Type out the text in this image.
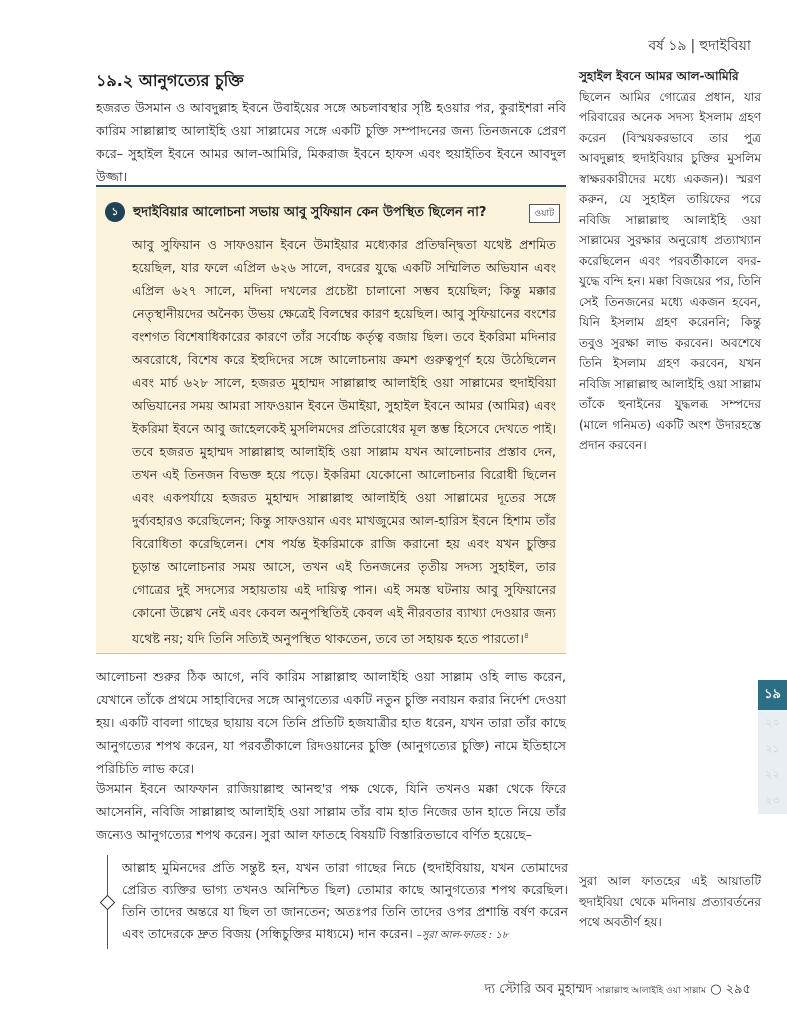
বর্ষ ১৯ | হুদাইবিয়া
১৯.২ আনুগত্যের চুক্তি
হজরত উসমান ও আবদুল্লাহ ইবনে উবাইয়ের সঙ্গে অচলাবস্থার সৃষ্টি হওয়ার পর, কুরাইশরা নবি কারিম সাল্লাল্লাহু আলাইহি ওয়া সাল্লামের সঙ্গে একটি চুক্তি সম্পাদনের জন্য তিনজনকে প্রেরণ করে– সুহাইল ইবনে আমর আল-আমিরি, মিকরাজ ইবনে হাফস এবং হুয়াইতিব ইবনে আবদুল উজ্জা।
১	হুদাইবিয়ার আলোচনা সভায় আবু সুফিয়ান কেন উপস্থিত ছিলেন না?	ওয়াট
আবু সুফিয়ান ও সাফওয়ান ইবনে উমাইয়ার মধ্যেকার প্রতিদ্বন্দ্বিতা যথেষ্ট প্রশমিত হয়েছিল, যার ফলে এপ্রিল ৬২৬ সালে, বদরের যুদ্ধে একটি সম্মিলিত অভিযান এবং এপ্রিল ৬২৭ সালে, মদিনা দখলের প্রচেষ্টা চালানো সম্ভব হয়েছিল; কিন্তু মক্কার নেতৃস্থানীয়দের অনৈক্য উভয় ক্ষেত্রেই বিলম্বের কারণ হয়েছিল। আবু সুফিয়ানের বংশের বংশগত বিশেষাধিকারের কারণে তাঁর সর্বোচ্চ কর্তৃত্ব বজায় ছিল। তবে ইকরিমা মদিনার অবরোধে, বিশেষ করে ইহুদিদের সঙ্গে আলোচনায় ক্রমশ গুরুত্বপূর্ণ হয়ে উঠেছিলেন এবং মার্চ ৬২৮ সালে, হজরত মুহাম্মদ সাল্লাল্লাহু আলাইহি ওয়া সাল্লামের হুদাইবিয়া অভিযানের সময় আমরা সাফওয়ান ইবনে উমাইয়া, সুহাইল ইবনে আমর (আমির) এবং ইকরিমা ইবনে আবু জাহেলকেই মুসলিমদের প্রতিরোধের মূল স্তম্ভ হিসেবে দেখতে পাই। তবে হজরত মুহাম্মদ সাল্লাল্লাহু আলাইহি ওয়া সাল্লাম যখন আলোচনার প্রস্তাব দেন, তখন এই তিনজন বিভক্ত হয়ে পড়ে। ইকরিমা যেকোনো আলোচনার বিরোধী ছিলেন এবং একপর্যায়ে হজরত মুহাম্মদ সাল্লাল্লাহু আলাইহি ওয়া সাল্লামের দূতের সঙ্গে দুর্ব্যবহারও করেছিলেন; কিন্তু সাফওয়ান এবং মাখজুমের আল-হারিস ইবনে হিশাম তাঁর বিরোধিতা করেছিলেন। শেষ পর্যন্ত ইকরিমাকে রাজি করানো হয় এবং যখন চুক্তির চূড়ান্ত আলোচনার সময় আসে, তখন এই তিনজনের তৃতীয় সদস্য সুহাইল, তার গোত্রের দুই সদস্যের সহায়তায় এই দায়িত্ব পান। এই সমস্ত ঘটনায় আবু সুফিয়ানের কোনো উল্লেখ নেই এবং কেবল অনুপস্থিতিই কেবল এই নীরবতার ব্যাখ্যা দেওয়ার জন্য যথেষ্ট নয়; যদি তিনি সত্যিই অনুপস্থিত থাকতেন, তবে তা সহায়ক হতে পারতো।$^৪$
আলোচনা শুরুর ঠিক আগে, নবি কারিম সাল্লাল্লাহু আলাইহি ওয়া সাল্লাম ওহি লাভ করেন, যেখানে তাঁকে প্রথমে সাহাবিদের সঙ্গে আনুগত্যের একটি নতুন চুক্তি নবায়ন করার নির্দেশ দেওয়া হয়। একটি বাবলা গাছের ছায়ায় বসে তিনি প্রতিটি হজযাত্রীর হাত ধরেন, যখন তারা তাঁর কাছে আনুগত্যের শপথ করেন, যা পরবর্তীকালে রিদওয়ানের চুক্তি (আনুগত্যের চুক্তি) নামে ইতিহাসে পরিচিতি লাভ করে।
উসমান ইবনে আফফান রাজিয়াল্লাহু আনহু'র পক্ষ থেকে, যিনি তখনও মক্কা থেকে ফিরে আসেননি, নবিজি সাল্লাল্লাহু আলাইহি ওয়া সাল্লাম তাঁর বাম হাত নিজের ডান হাতে নিয়ে তাঁর জন্যেও আনুগত্যের শপথ করেন। সুরা আল ফাতহে বিষয়টি বিস্তারিতভাবে বর্ণিত হয়েছে–
আল্লাহ মুমিনদের প্রতি সন্তুষ্ট হন, যখন তারা গাছের নিচে (হুদাইবিয়ায়, যখন তোমাদের প্রেরিত ব্যক্তির ভাগ্য তখনও অনিশ্চিত ছিল) তোমার কাছে আনুগত্যের শপথ করেছিল। তিনি তাদের অন্তরে যা ছিল তা জানতেন; অতঃপর তিনি তাদের ওপর প্রশান্তি বর্ষণ করেন এবং তাদেরকে দ্রুত বিজয় (সন্ধিচুক্তির মাধ্যমে) দান করেন। –সুরা আল-ফাতহ : ১৮
সুহাইল ইবনে আমর আল-আমিরি
ছিলেন আমির গোত্রের প্রধান, যার পরিবারের অনেক সদস্য ইসলাম গ্রহণ করেন (বিস্ময়করভাবে তার পুত্র আবদুল্লাহ হুদাইবিয়ার চুক্তির মুসলিম স্বাক্ষরকারীদের মধ্যে একজন)। স্মরণ করুন, যে সুহাইল তায়িফের পরে নবিজি সাল্লাল্লাহু আলাইহি ওয়া সাল্লামের সুরক্ষার অনুরোধ প্রত্যাখ্যান করেছিলেন এবং পরবর্তীকালে বদর-যুদ্ধে বন্দি হন। মক্কা বিজয়ের পর, তিনি সেই তিনজনের মধ্যে একজন হবেন, যিনি ইসলাম গ্রহণ করেননি; কিন্তু তবুও সুরক্ষা লাভ করবেন। অবশেষে তিনি ইসলাম গ্রহণ করবেন, যখন নবিজি সাল্লাল্লাহু আলাইহি ওয়া সাল্লাম তাঁকে হুনাইনের যুদ্ধলব্ধ সম্পদের (মালে গনিমত) একটি অংশ উদারহস্তে প্রদান করবেন।
সুরা আল ফাতহের এই আয়াতটি হুদাইবিয়া থেকে মদিনায় প্রত্যাবর্তনের পথে অবতীর্ণ হয়।
১৯
২০
২১
২২
২৩
দ্য স্টোরি অব মুহাম্মদ সাল্লাল্লাহু আলাইহি ওয়া সাল্লাম ○ ২৯৫
